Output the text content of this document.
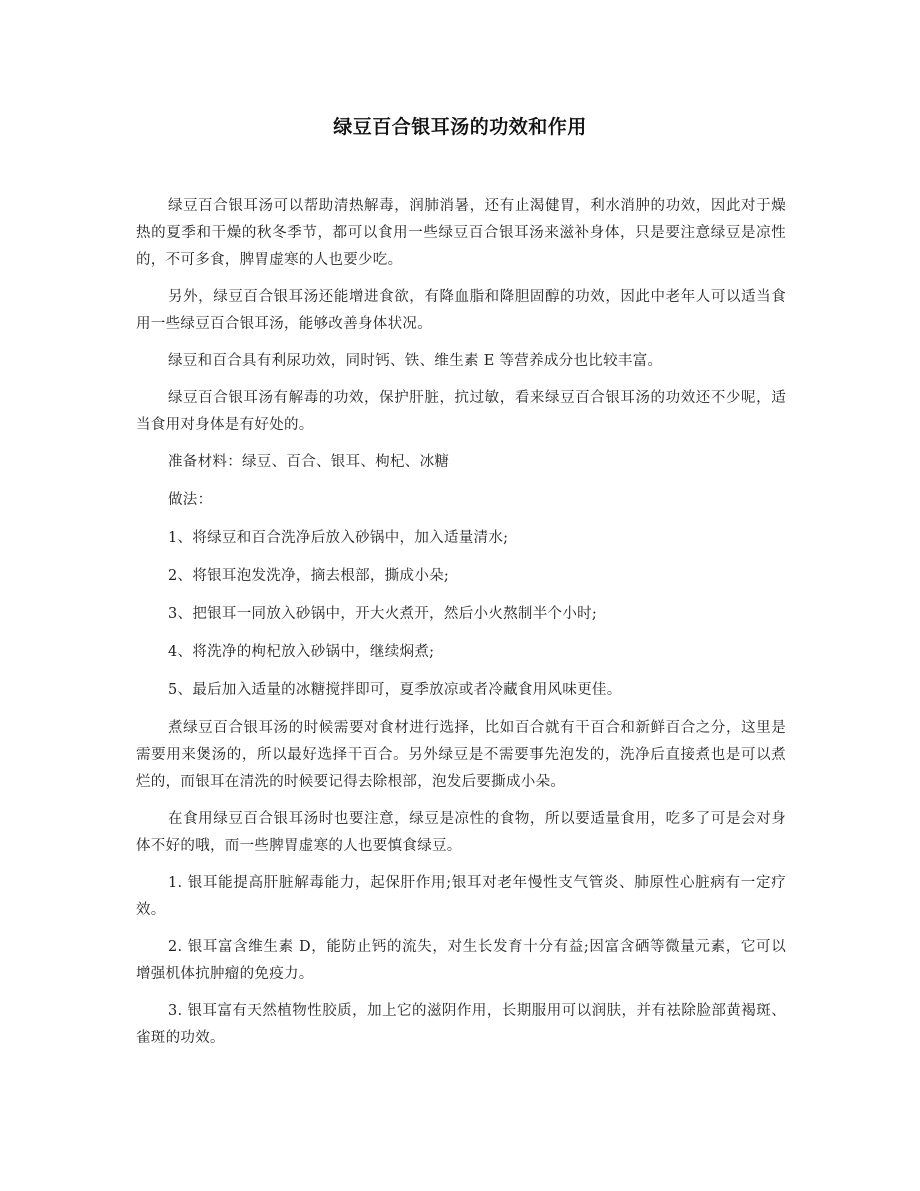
绿豆百合银耳汤的功效和作用

绿豆百合银耳汤可以帮助清热解毒，润肺消暑，还有止渴健胃，利水消肿的功效，因此对于燥热的夏季和干燥的秋冬季节，都可以食用一些绿豆百合银耳汤来滋补身体，只是要注意绿豆是凉性的，不可多食，脾胃虚寒的人也要少吃。

另外，绿豆百合银耳汤还能增进食欲，有降血脂和降胆固醇的功效，因此中老年人可以适当食用一些绿豆百合银耳汤，能够改善身体状况。

绿豆和百合具有利尿功效，同时钙、铁、维生素 E 等营养成分也比较丰富。

绿豆百合银耳汤有解毒的功效，保护肝脏，抗过敏，看来绿豆百合银耳汤的功效还不少呢，适当食用对身体是有好处的。

准备材料：绿豆、百合、银耳、枸杞、冰糖

做法：

1、将绿豆和百合洗净后放入砂锅中，加入适量清水;

2、将银耳泡发洗净，摘去根部，撕成小朵;

3、把银耳一同放入砂锅中，开大火煮开，然后小火熬制半个小时;

4、将洗净的枸杞放入砂锅中，继续焖煮;

5、最后加入适量的冰糖搅拌即可，夏季放凉或者冷藏食用风味更佳。

煮绿豆百合银耳汤的时候需要对食材进行选择，比如百合就有干百合和新鲜百合之分，这里是需要用来煲汤的，所以最好选择干百合。另外绿豆是不需要事先泡发的，洗净后直接煮也是可以煮烂的，而银耳在清洗的时候要记得去除根部，泡发后要撕成小朵。

在食用绿豆百合银耳汤时也要注意，绿豆是凉性的食物，所以要适量食用，吃多了可是会对身体不好的哦，而一些脾胃虚寒的人也要慎食绿豆。

1. 银耳能提高肝脏解毒能力，起保肝作用;银耳对老年慢性支气管炎、肺原性心脏病有一定疗效。

2. 银耳富含维生素 D，能防止钙的流失，对生长发育十分有益;因富含硒等微量元素，它可以增强机体抗肿瘤的免疫力。

3. 银耳富有天然植物性胶质，加上它的滋阴作用，长期服用可以润肤，并有祛除脸部黄褐斑、雀斑的功效。
